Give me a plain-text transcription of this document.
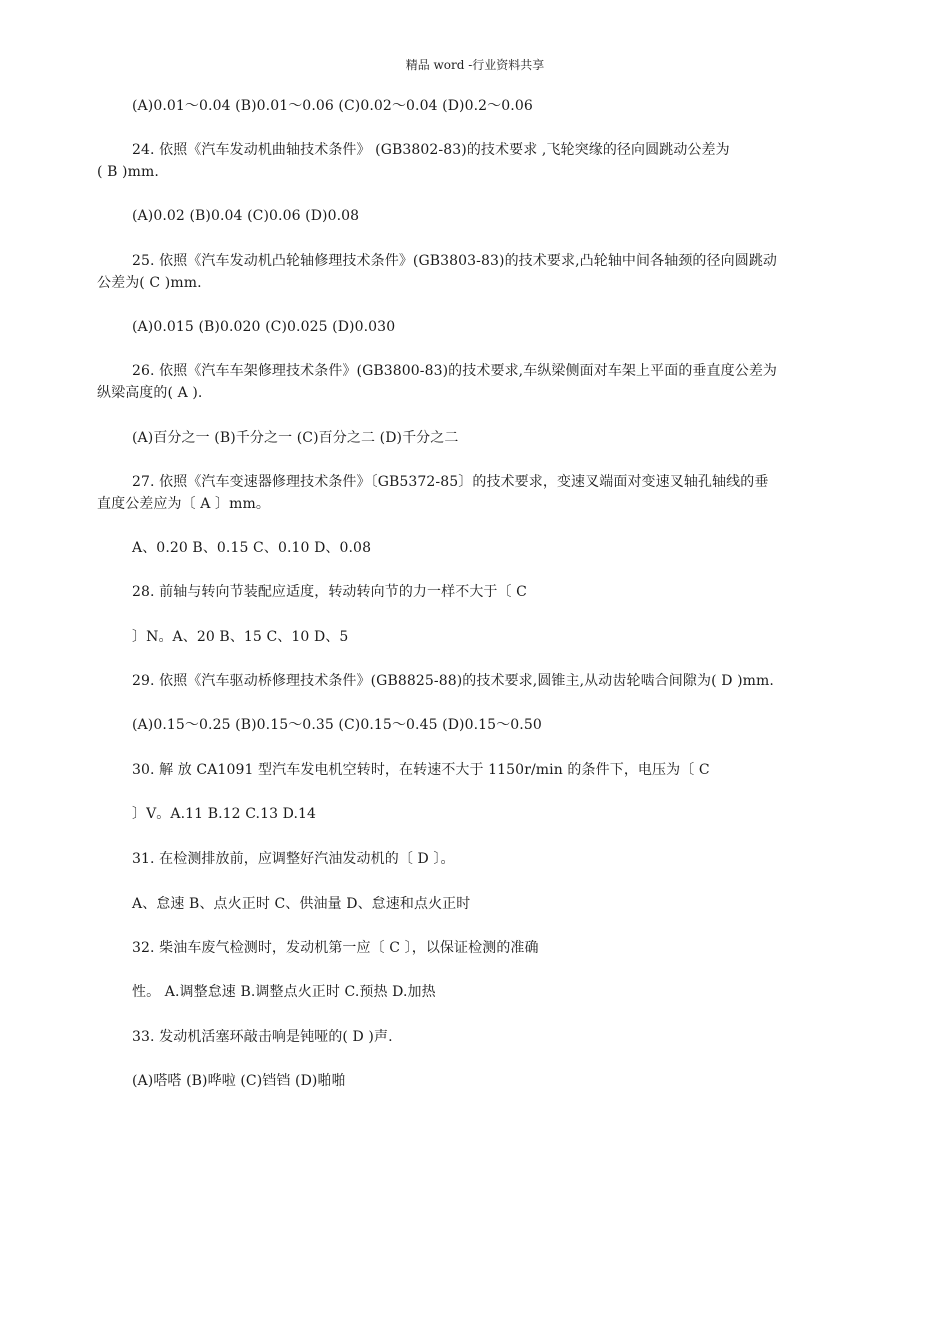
精品 word -行业资料共享
(A)0.01～0.04 (B)0.01～0.06 (C)0.02～0.04 (D)0.2～0.06
24. 依照《汽车发动机曲轴技术条件》 (GB3802-83)的技术要求 ,飞轮突缘的径向圆跳动公差为
( B )mm.
(A)0.02 (B)0.04 (C)0.06 (D)0.08
25. 依照《汽车发动机凸轮轴修理技术条件》(GB3803-83)的技术要求,凸轮轴中间各轴颈的径向圆跳动
公差为( C )mm.
(A)0.015 (B)0.020 (C)0.025 (D)0.030
26. 依照《汽车车架修理技术条件》(GB3800-83)的技术要求,车纵梁侧面对车架上平面的垂直度公差为
纵梁高度的( A ).
(A)百分之一 (B)千分之一 (C)百分之二 (D)千分之二
27. 依照《汽车变速器修理技术条件》〔GB5372-85〕的技术要求，变速叉端面对变速叉轴孔轴线的垂
直度公差应为〔 A 〕mm。
A、0.20 B、0.15 C、0.10 D、0.08
28. 前轴与转向节装配应适度，转动转向节的力一样不大于〔 C
〕N。A、20 B、15 C、10 D、5
29. 依照《汽车驱动桥修理技术条件》(GB8825-88)的技术要求,圆锥主,从动齿轮啮合间隙为( D )mm.
(A)0.15～0.25 (B)0.15～0.35 (C)0.15～0.45 (D)0.15～0.50
30. 解 放 CA1091 型汽车发电机空转时，在转速不大于 1150r/min 的条件下，电压为〔 C
〕V。A.11 B.12 C.13 D.14
31. 在检测排放前，应调整好汽油发动机的〔 D 〕。
A、怠速 B、点火正时 C、供油量 D、怠速和点火正时
32. 柴油车废气检测时，发动机第一应〔 C 〕，以保证检测的准确
性。 A.调整怠速 B.调整点火正时 C.预热 D.加热
33. 发动机活塞环敲击响是钝哑的( D )声.
(A)嗒嗒 (B)哗啦 (C)铛铛 (D)啪啪
